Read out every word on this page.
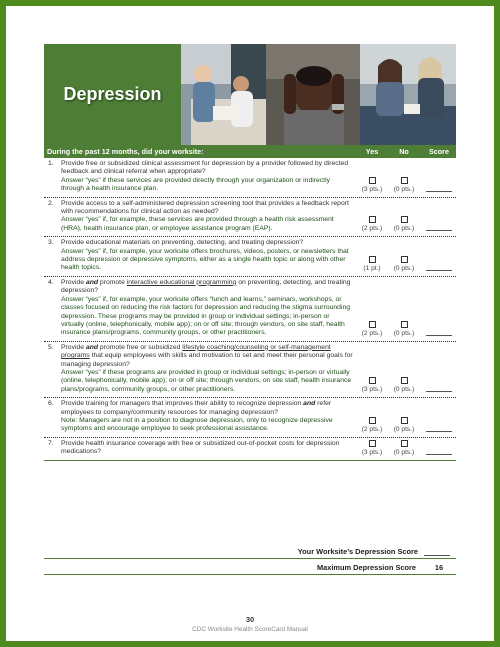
Depression
During the past 12 months, did your worksite:	Yes	No	Score
1.	Provide free or subsidized clinical assessment for depression by a provider followed by directed feedback and clinical referral when appropriate?
Answer “yes” if these services are provided directly through your organization or indirectly through a health insurance plan.	(3 pts.) (0 pts.)
2.	Provide access to a self-administered depression screening tool that provides a feedback report with recommendations for clinical action as needed?
Answer “yes” if, for example, these services are provided through a health risk assessment (HRA), health insurance plan, or employee assistance program (EAP).	(2 pts.) (0 pts.)
3.	Provide educational materials on preventing, detecting, and treating depression?
Answer “yes” if, for example, your worksite offers brochures, videos, posters, or newsletters that address depression or depressive symptoms, either as a single health topic or along with other health topics.	(1 pt.) (0 pts.)
4.	Provide and promote interactive educational programming on preventing, detecting, and treating depression?
Answer “yes” if, for example, your worksite offers “lunch and learns,” seminars, workshops, or classes focused on reducing the risk factors for depression and reducing the stigma surrounding depression. These programs may be provided in group or individual settings; in-person or virtually (online, telephonically, mobile app); on or off site; through vendors, on site staff, health insurance plans/programs, community groups, or other practitioners.	(2 pts.) (0 pts.)
5.	Provide and promote free or subsidized lifestyle coaching/counseling or self-management programs that equip employees with skills and motivation to set and meet their personal goals for managing depression?
Answer “yes” if these programs are provided in group or individual settings; in-person or virtually (online, telephonically, mobile app); on or off site; through vendors, on site staff, health insurance plans/programs, community groups, or other practitioners.	(3 pts.) (0 pts.)
6.	Provide training for managers that improves their ability to recognize depression and refer employees to company/community resources for managing depression?
Note: Managers are not in a position to diagnose depression, only to recognize depressive symptoms and encourage employee to seek professional assistance.	(2 pts.) (0 pts.)
7.	Provide health insurance coverage with free or subsidized out-of-pocket costs for depression medications?	(3 pts.) (0 pts.)
Your Worksite’s Depression Score
Maximum Depression Score	16
30
CDC Worksite Health ScoreCard Manual
